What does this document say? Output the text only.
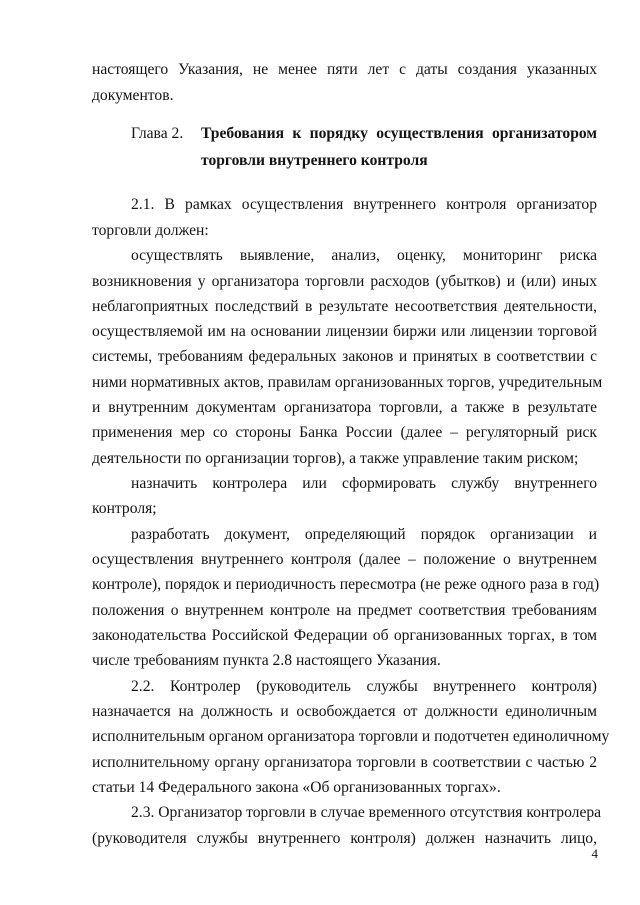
настоящего Указания, не менее пяти лет с даты создания указанных
документов.
Глава 2. Требования к порядку осуществления организатором
торговли внутреннего контроля
2.1. В рамках осуществления внутреннего контроля организатор
торговли должен:
осуществлять выявление, анализ, оценку, мониторинг риска
возникновения у организатора торговли расходов (убытков) и (или) иных
неблагоприятных последствий в результате несоответствия деятельности,
осуществляемой им на основании лицензии биржи или лицензии торговой
системы, требованиям федеральных законов и принятых в соответствии с
ними нормативных актов, правилам организованных торгов, учредительным
и внутренним документам организатора торговли, а также в результате
применения мер со стороны Банка России (далее – регуляторный риск
деятельности по организации торгов), а также управление таким риском;
назначить контролера или сформировать службу внутреннего
контроля;
разработать документ, определяющий порядок организации и
осуществления внутреннего контроля (далее – положение о внутреннем
контроле), порядок и периодичность пересмотра (не реже одного раза в год)
положения о внутреннем контроле на предмет соответствия требованиям
законодательства Российской Федерации об организованных торгах, в том
числе требованиям пункта 2.8 настоящего Указания.
2.2. Контролер (руководитель службы внутреннего контроля)
назначается на должность и освобождается от должности единоличным
исполнительным органом организатора торговли и подотчетен единоличному
исполнительному органу организатора торговли в соответствии с частью 2
статьи 14 Федерального закона «Об организованных торгах».
2.3. Организатор торговли в случае временного отсутствия контролера
(руководителя службы внутреннего контроля) должен назначить лицо,
4
